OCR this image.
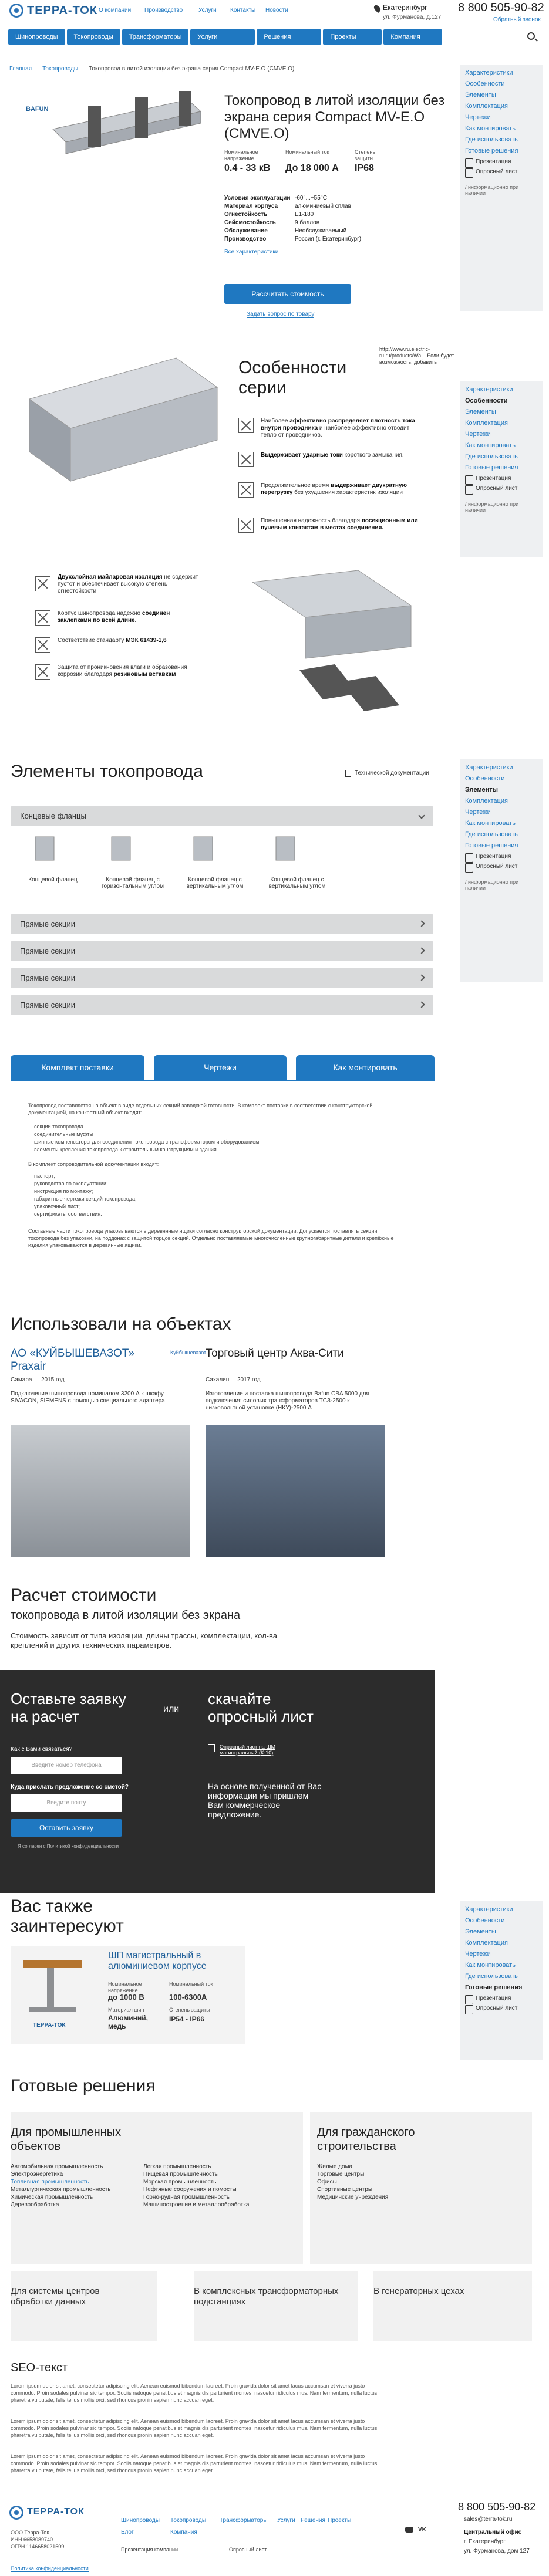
ТЕРРА-ТОК О компании Производство	Услуги Контакты Новости	Екатеринбург
ул. Фурманова, д.127
8 800 505-90-82
Обратный звонок
Шинопроводы	Токопроводы	Трансформаторы	Услуги	Решения	Проекты	Компания
Главная Токопроводы Токопровод в литой изоляции без экрана серия Compact MV-E.O (CMVE.O)
BAFUN
Токопровод в литой изоляции без экрана серия Compact MV-E.O (CMVE.O)
Номинальное напряжение
0.4 - 33 кВ
Номинальный ток
До 18 000 А
Степень защиты
IP68
Условия эксплуатации -60°...+55°С
Материал корпуса	алюминиевый сплав
Огнестойкость	Е1-180
Сейсмостойкость	9 баллов
Обслуживание	Необслуживаемый
Производство	Россия (г. Екатеринбург)
Все характеристики
Рассчитать стоимость
Задать вопрос по товару
Характеристики
Особенности
Элементы
Комплектация
Чертежи
Как монтировать
Где использовать
Готовые решения
Презентация
Опросный лист
/ информационно при наличии
Особенности серии
http://www.ru.electric-ru.ru/products/Wa... Если будет возможность, добавить
Наиболее эффективно распределяет плотность тока внутри проводника и наиболее эффективно отводит тепло от проводников.
Выдерживает ударные токи короткого замыкания.
Продолжительное время выдерживает двукратную перегрузку без ухудшения характеристик изоляции
Повышенная надежность благодаря посекционным или пучевым контактам в местах соединения.
Двухслойная майларовая изоляция не содержит пустот и обеспечивает высокую степень огнестойкости
Корпус шинопровода надежно соединен заклепками по всей длине.
Соответствие стандарту МЭК 61439-1,6
Защита от проникновения влаги и образования коррозии благодаря резиновым вставкам
Характеристики
Особенности
Элементы
Комплектация
Чертежи
Как монтировать
Где использовать
Готовые решения
Презентация
Опросный лист
/ информационно при наличии
Элементы токопровода	Технической документации
Концевые фланцы
Концевой фланец	Концевой фланец с горизонтальным углом
Концевой фланец с вертикальным углом
Концевой фланец с вертикальным углом
Прямые секции
Прямые секции
Прямые секции
Прямые секции
Характеристики
Особенности
Элементы
Комплектация
Чертежи
Как монтировать
Где использовать
Готовые решения
Презентация
Опросный лист
/ информационно при наличии
Комплект поставки	Чертежи	Как монтировать
Токопровод поставляется на объект в виде отдельных секций заводской готовности. В комплект поставки в соответствии с конструкторской документацией, на конкретный объект входят:
секции токопровода
соединительные муфты
шинные компенсаторы для соединения токопровода с трансформатором и оборудованием
элементы крепления токопровода к строительным конструкциям и здания
В комплект сопроводительной документации входят:
паспорт;
руководство по эксплуатации;
инструкция по монтажу;
габаритные чертежи секций токопровода;
упаковочный лист;
сертификаты соответствия.
Составные части токопровода упаковываются в деревянные ящики согласно конструкторской документации. Допускается поставлять секции токопровода без упаковки, на поддонах с защитой торцов секций. Отдельно поставляемые многочисленные крупногабаритные детали и крепёжные изделия упаковываются в деревянные ящики.
Использовали на объектах
АО «КУЙБЫШЕВАЗОТ» Praxair
Куйбышевазот
Самара 2015 год
Подключение шинопровода номиналом 3200 А к шкафу SIVACON, SIEMENS с помощью специального адаптера
Торговый центр Аква-Сити
Сахалин 2017 год
Изготовление и поставка шинопровода Bafun CBA 5000 для подключения силовых трансформаторов ТСЗ-2500 к низковольтной установке (НКУ)-2500 А
Расчет стоимости
токопровода в литой изоляции без экрана
Стоимость зависит от типа изоляции, длины трассы, комплектации, кол-ва креплений и других технических параметров.
Оставьте заявку на расчет	или
скачайте опросный лист
Как с Вами связаться?
Введите номер телефона
Куда прислать предложение со сметой?
Введите почту
Оставить заявку
Я согласен с Политикой конфиденциальности
Опросный лист на ШМ магистральный (К-10)
На основе полученной от Вас информации мы пришлем Вам коммерческое предложение.
Вас также заинтересуют
ТЕРРА-ТОК
ШП магистральный в алюминиевом корпусе
Номинальное напряжение
до 1000 В
Номинальный ток
100-6300А
Материал шин
Алюминий, медь
Степень защиты
IP54 - IP66
Характеристики
Особенности
Элементы
Комплектация
Чертежи
Как монтировать
Где использовать
Готовые решения
Презентация
Опросный лист
Готовые решения
Для промышленных объектов
Автомобильная промышленность
Электроэнергетика
Топливная промышленность
Металлургическая промышленность
Химическая промышленность
Деревообработка
Легкая промышленность
Пищевая промышленность
Морская промышленность
Нефтяные сооружения и помосты
Горно-рудная промышленность
Машиностроение и металлообработка
Для гражданского строительства
Жилые дома
Торговые центры
Офисы
Спортивные центры
Медицинские учреждения
Для системы центров обработки данных
В комплексных трансформаторных подстанциях
В генераторных цехах
SEO-текст
Lorem ipsum dolor sit amet, consectetur adipiscing elit. Aenean euismod bibendum laoreet. Proin gravida dolor sit amet lacus accumsan et viverra justo commodo. Proin sodales pulvinar sic tempor. Sociis natoque penatibus et magnis dis parturient montes, nascetur ridiculus mus. Nam fermentum, nulla luctus pharetra vulputate, felis tellus mollis orci, sed rhoncus pronin sapien nunc accuan eget.
Lorem ipsum dolor sit amet, consectetur adipiscing elit. Aenean euismod bibendum laoreet. Proin gravida dolor sit amet lacus accumsan et viverra justo commodo. Proin sodales pulvinar sic tempor. Sociis natoque penatibus et magnis dis parturient montes, nascetur ridiculus mus. Nam fermentum, nulla luctus pharetra vulputate, felis tellus mollis orci, sed rhoncus pronin sapien nunc accuan eget.
Lorem ipsum dolor sit amet, consectetur adipiscing elit. Aenean euismod bibendum laoreet. Proin gravida dolor sit amet lacus accumsan et viverra justo commodo. Proin sodales pulvinar sic tempor. Sociis natoque penatibus et magnis dis parturient montes, nascetur ridiculus mus. Nam fermentum, nulla luctus pharetra vulputate, felis tellus mollis orci, sed rhoncus pronin sapien nunc accuan eget.
ТЕРРА-ТОК
ООО Терра-Ток
ИНН 6658089740
ОГРН 1146658021509
Шинопроводы Токопроводы Трансформаторы Услуги Решения Проекты
Блог	Компания
Презентация компании	Опросный лист
VK
8 800 505-90-82
sales@terra-tok.ru
Центральный офис
г. Екатеринбург
ул. Фурманова, дом 127
Политика конфиденциальности
